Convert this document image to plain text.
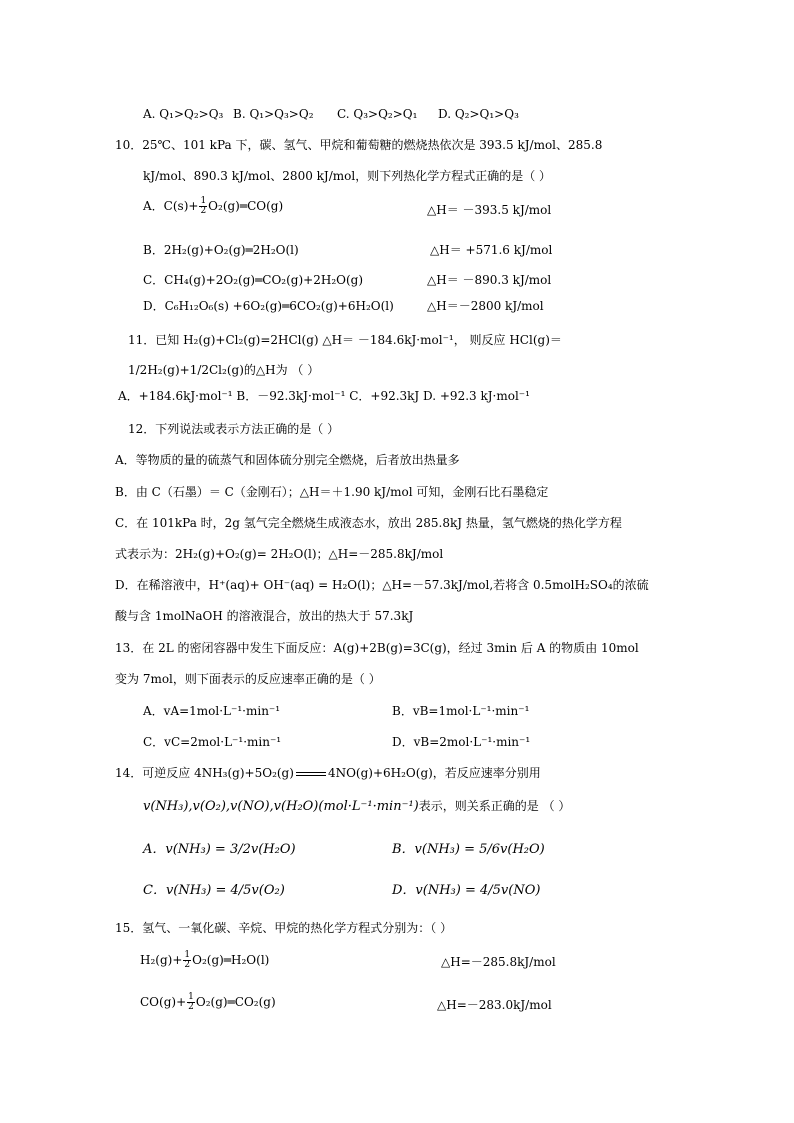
A. Q₁>Q₂>Q₃ B. Q₁>Q₃>Q₂ C. Q₃>Q₂>Q₁ D. Q₂>Q₁>Q₃
10．25℃、101 kPa 下，碳、氢气、甲烷和葡萄糖的燃烧热依次是 393.5 kJ/mol、285.8
kJ/mol、890.3 kJ/mol、2800 kJ/mol，则下列热化学方程式正确的是（ ）
A．$C(s)+ \frac{1}{2}$ O₂(g)═CO(g)	△H＝ －393.5 kJ/mol
B．2H₂(g)+O₂(g)═2H₂O(l)	△H＝ +571.6 kJ/mol
C．CH₄(g)+2O₂(g)═CO₂(g)+2H₂O(g)	△H＝ －890.3 kJ/mol
D．C₆H₁₂O₆(s) +6O₂(g)═6CO₂(g)+6H₂O(l)	△H＝－2800 kJ/mol
11．已知 H₂(g)+Cl₂(g)=2HCl(g) △H＝ －184.6kJ·mol⁻¹， 则反应 HCl(g)＝
1/2H₂(g)+1/2Cl₂(g)的△H为 （ ）
A．+184.6kJ·mol⁻¹ B．－92.3kJ·mol⁻¹ C．+92.3kJ D. +92.3 kJ·mol⁻¹
12．下列说法或表示方法正确的是（ ）
A．等物质的量的硫蒸气和固体硫分别完全燃烧，后者放出热量多
B．由 C（石墨）＝ C（金刚石）；△H＝＋1.90 kJ/mol 可知，金刚石比石墨稳定
C．在 101kPa 时，2g 氢气完全燃烧生成液态水，放出 285.8kJ 热量，氢气燃烧的热化学方程
式表示为：2H₂(g)+O₂(g)= 2H₂O(l)；△H=－285.8kJ/mol
D．在稀溶液中，H⁺(aq)+ OH⁻(aq) = H₂O(l)；△H=－57.3kJ/mol,若将含 0.5molH₂SO₄的浓硫
酸与含 1molNaOH 的溶液混合，放出的热大于 57.3kJ
13．在 2L 的密闭容器中发生下面反应：A(g)+2B(g)=3C(g)，经过 3min 后 A 的物质由 10mol
变为 7mol，则下面表示的反应速率正确的是（ ）
A．vA=1mol·L⁻¹·min⁻¹	B．vB=1mol·L⁻¹·min⁻¹
C．vC=2mol·L⁻¹·min⁻¹	D．vB=2mol·L⁻¹·min⁻¹
14．可逆反应 4NH₃(g)+5O₂(g)	4NO(g)+6H₂O(g)，若反应速率分别用
v(NH₃),v(O₂),v(NO),v(H₂O)(mol·L⁻¹·min⁻¹)表示，则关系正确的是 （ ）
A．v(NH₃) = 3/2v(H₂O)	B．v(NH₃) = 5/6v(H₂O)
C．v(NH₃) = 4/5v(O₂)	D．v(NH₃) = 4/5v(NO)
15．氢气、一氧化碳、辛烷、甲烷的热化学方程式分别为：（ ）
$H_2(g)+ \frac{1}{2}$ O₂(g)═H₂O(l)	△H=－285.8kJ/mol
$CO(g)+ \frac{1}{2}$ O₂(g)═CO₂(g)	△H=－283.0kJ/mol
